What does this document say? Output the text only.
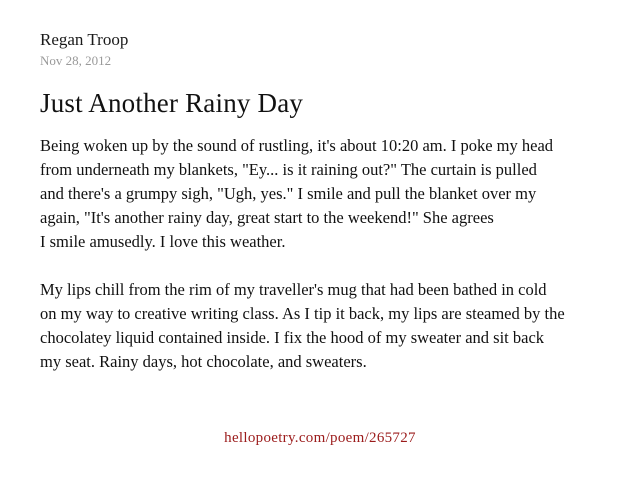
Regan Troop
Nov 28, 2012
Just Another Rainy Day
Being woken up by the sound of rustling, it's about 10:20 am. I poke my head
from underneath my blankets, "Ey... is it raining out?" The curtain is pulled
and there's a grumpy sigh, "Ugh, yes." I smile and pull the blanket over my
again, "It's another rainy day, great start to the weekend!" She agrees
I smile amusedly. I love this weather.
My lips chill from the rim of my traveller's mug that had been bathed in cold
on my way to creative writing class. As I tip it back, my lips are steamed by the
chocolatey liquid contained inside. I fix the hood of my sweater and sit back
my seat. Rainy days, hot chocolate, and sweaters.
hellopoetry.com/poem/265727
